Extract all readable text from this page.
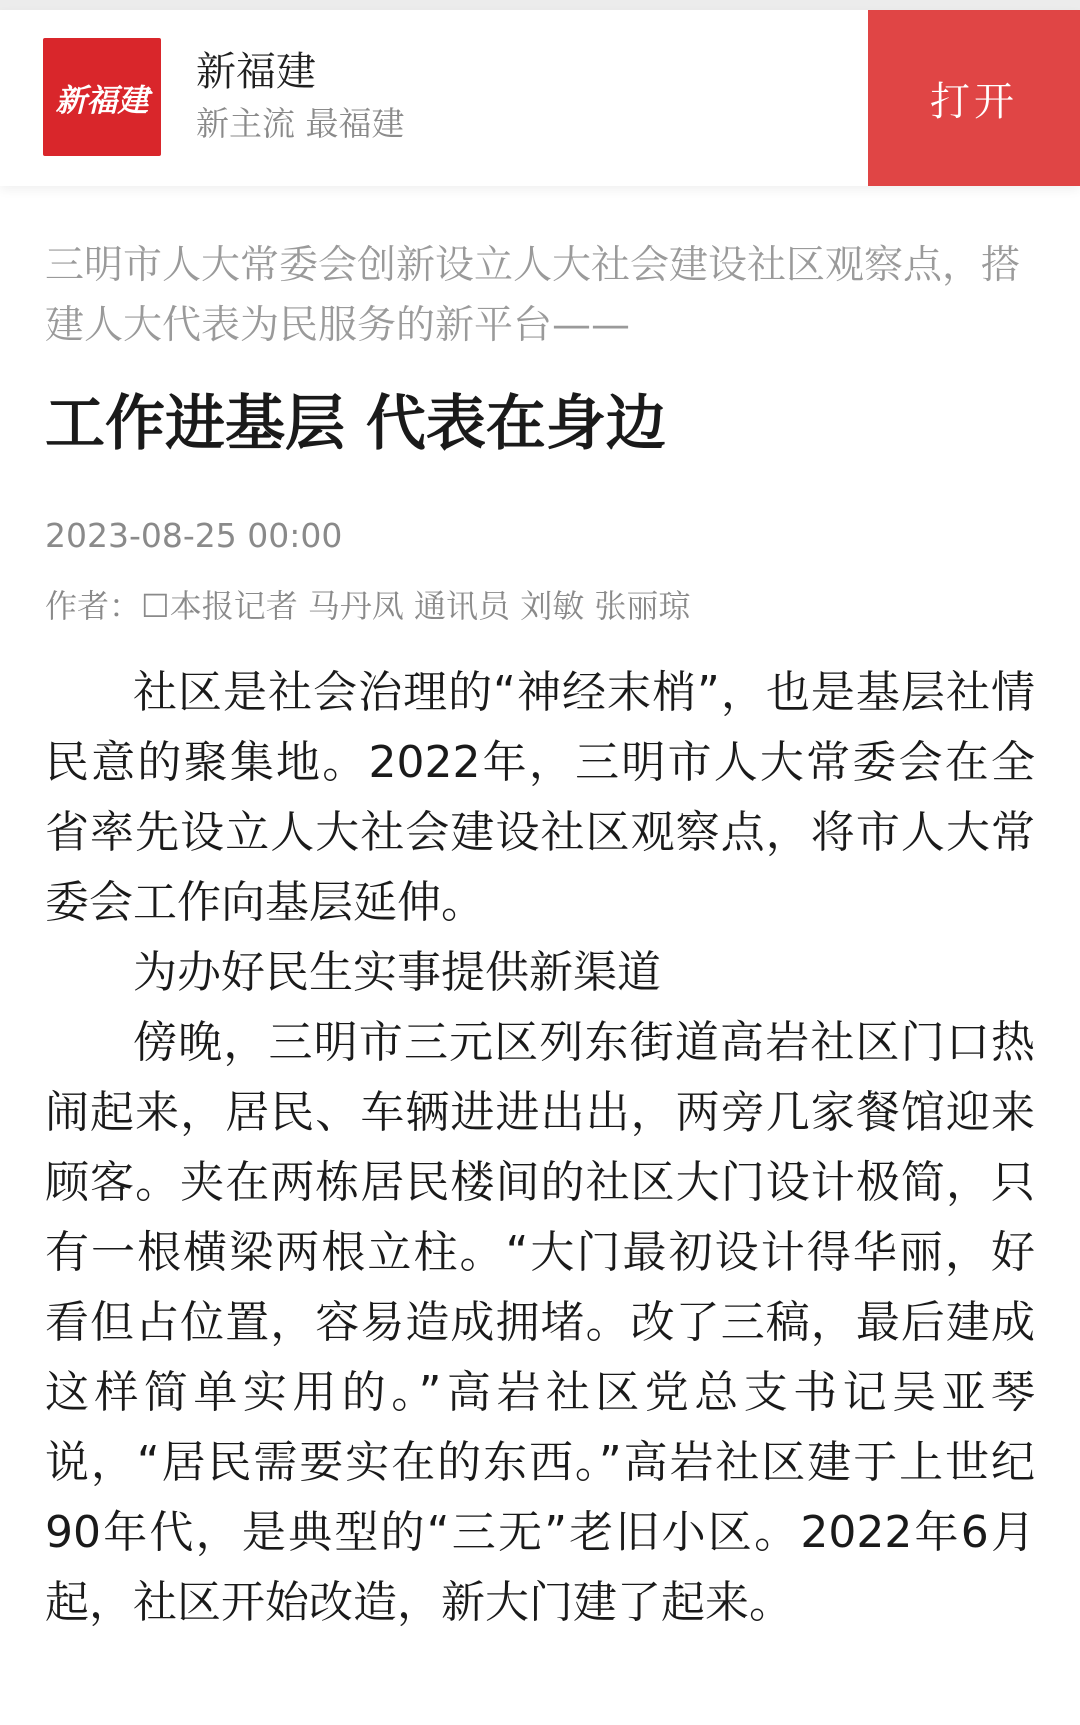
新福建
新福建
新主流 最福建	打开

三明市人大常委会创新设立人大社会建设社区观察点，搭建人大代表为民服务的新平台——

工作进基层 代表在身边
2023-08-25 00:00
作者：☐本报记者 马丹凤 通讯员 刘敏 张丽琼

社区是社会治理的“神经末梢”，也是基层社情民意的聚集地。2022年，三明市人大常委会在全省率先设立人大社会建设社区观察点，将市人大常委会工作向基层延伸。

为办好民生实事提供新渠道

傍晚，三明市三元区列东街道高岩社区门口热闹起来，居民、车辆进进出出，两旁几家餐馆迎来顾客。夹在两栋居民楼间的社区大门设计极简，只有一根横梁两根立柱。“大门最初设计得华丽，好看但占位置，容易造成拥堵。改了三稿，最后建成这样简单实用的。”高岩社区党总支书记吴亚琴说，“居民需要实在的东西。”高岩社区建于上世纪90年代，是典型的“三无”老旧小区。2022年6月起，社区开始改造，新大门建了起来。
